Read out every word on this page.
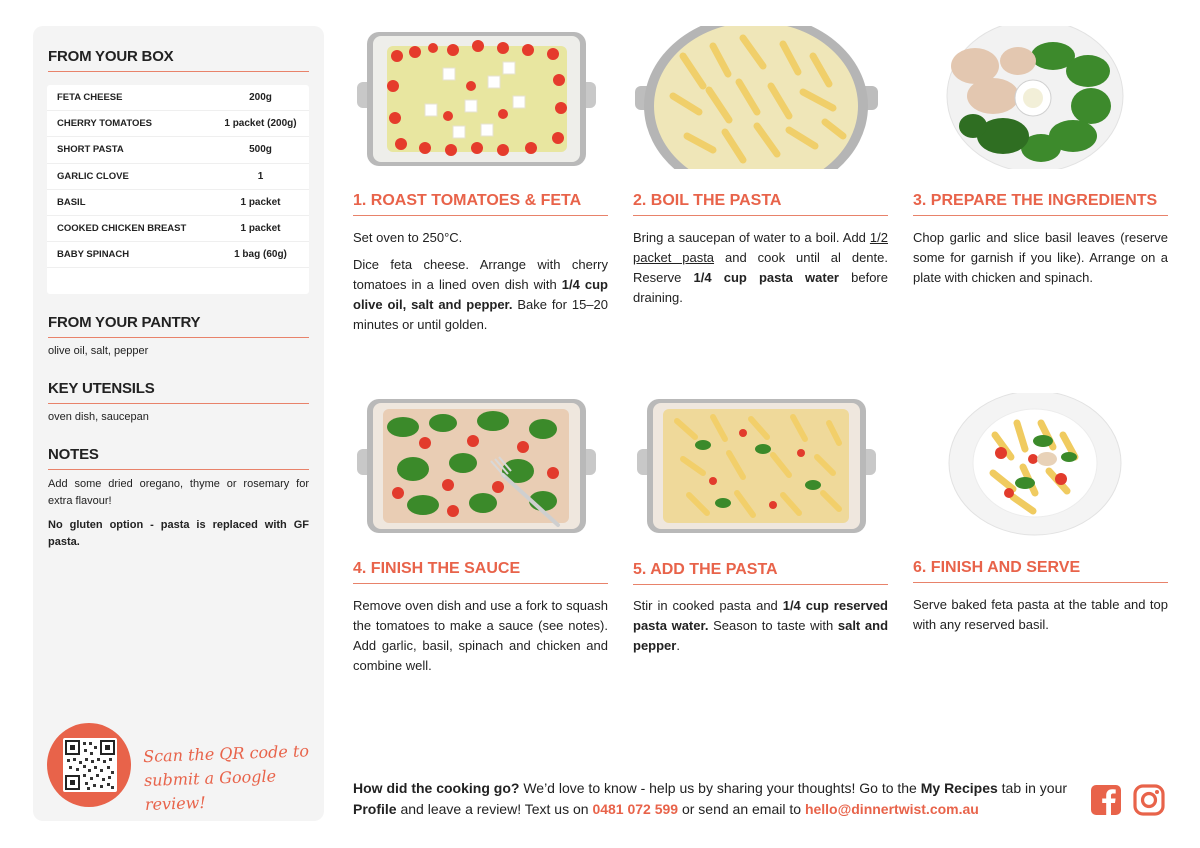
FROM YOUR BOX
FETA CHEESE	200g
CHERRY TOMATOES	1 packet (200g)
SHORT PASTA	500g
GARLIC CLOVE	1
BASIL	1 packet
COOKED CHICKEN BREAST	1 packet
BABY SPINACH	1 bag (60g)
FROM YOUR PANTRY
olive oil, salt, pepper
KEY UTENSILS
oven dish, saucepan
NOTES
Add some dried oregano, thyme or rosemary for extra flavour!
No gluten option - pasta is replaced with GF pasta.
Scan the QR code to submit a Google review!
1. ROAST TOMATOES & FETA

Set oven to 250°C.

Dice feta cheese. Arrange with cherry tomatoes in a lined oven dish with 1/4 cup olive oil, salt and pepper. Bake for 15–20 minutes or until golden.

2. BOIL THE PASTA

Bring a saucepan of water to a boil. Add 1/2 packet pasta and cook until al dente. Reserve 1/4 cup pasta water before draining.

3. PREPARE THE INGREDIENTS

Chop garlic and slice basil leaves (reserve some for garnish if you like). Arrange on a plate with chicken and spinach.

4. FINISH THE SAUCE

Remove oven dish and use a fork to squash the tomatoes to make a sauce (see notes). Add garlic, basil, spinach and chicken and combine well.

5. ADD THE PASTA

Stir in cooked pasta and 1/4 cup reserved pasta water. Season to taste with salt and pepper.

6. FINISH AND SERVE

Serve baked feta pasta at the table and top with any reserved basil.

How did the cooking go? We’d love to know - help us by sharing your thoughts! Go to the My Recipes tab in your Profile and leave a review! Text us on 0481 072 599 or send an email to hello@dinnertwist.com.au
